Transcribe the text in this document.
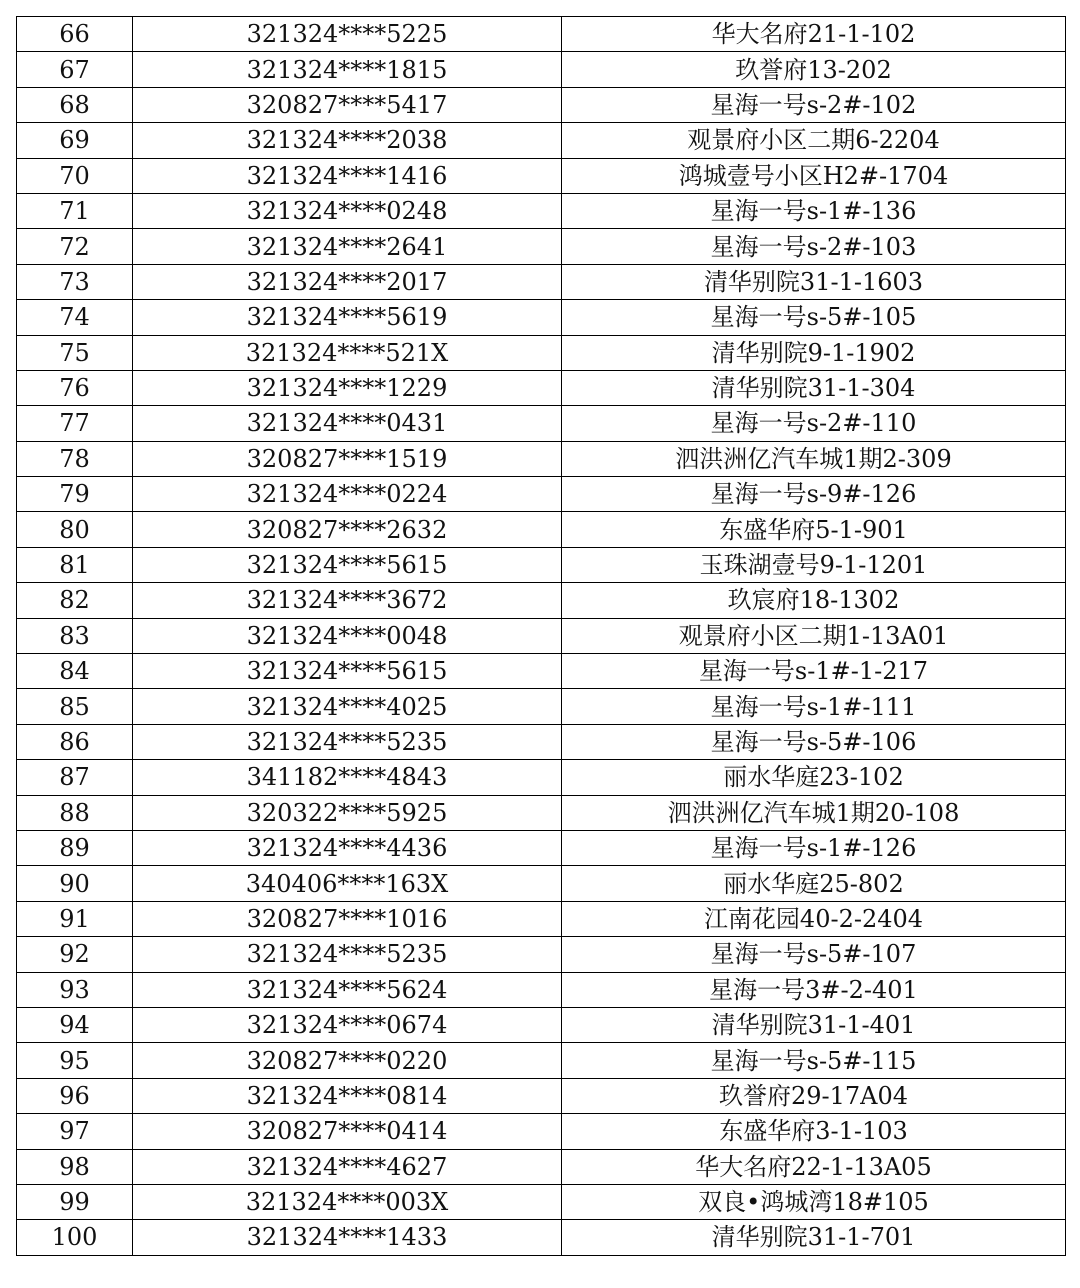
66	321324****5225	华大名府21-1-102
67	321324****1815	玖誉府13-202
68	320827****5417	星海一号s-2#-102
69	321324****2038	观景府小区二期6-2204
70	321324****1416	鸿城壹号小区H2#-1704
71	321324****0248	星海一号s-1#-136
72	321324****2641	星海一号s-2#-103
73	321324****2017	清华别院31-1-1603
74	321324****5619	星海一号s-5#-105
75	321324****521X	清华别院9-1-1902
76	321324****1229	清华别院31-1-304
77	321324****0431	星海一号s-2#-110
78	320827****1519	泗洪洲亿汽车城1期2-309
79	321324****0224	星海一号s-9#-126
80	320827****2632	东盛华府5-1-901
81	321324****5615	玉珠湖壹号9-1-1201
82	321324****3672	玖宸府18-1302
83	321324****0048	观景府小区二期1-13A01
84	321324****5615	星海一号s-1#-1-217
85	321324****4025	星海一号s-1#-111
86	321324****5235	星海一号s-5#-106
87	341182****4843	丽水华庭23-102
88	320322****5925	泗洪洲亿汽车城1期20-108
89	321324****4436	星海一号s-1#-126
90	340406****163X	丽水华庭25-802
91	320827****1016	江南花园40-2-2404
92	321324****5235	星海一号s-5#-107
93	321324****5624	星海一号3#-2-401
94	321324****0674	清华别院31-1-401
95	320827****0220	星海一号s-5#-115
96	321324****0814	玖誉府29-17A04
97	320827****0414	东盛华府3-1-103
98	321324****4627	华大名府22-1-13A05
99	321324****003X	双良•鸿城湾18#105
100	321324****1433	清华别院31-1-701
